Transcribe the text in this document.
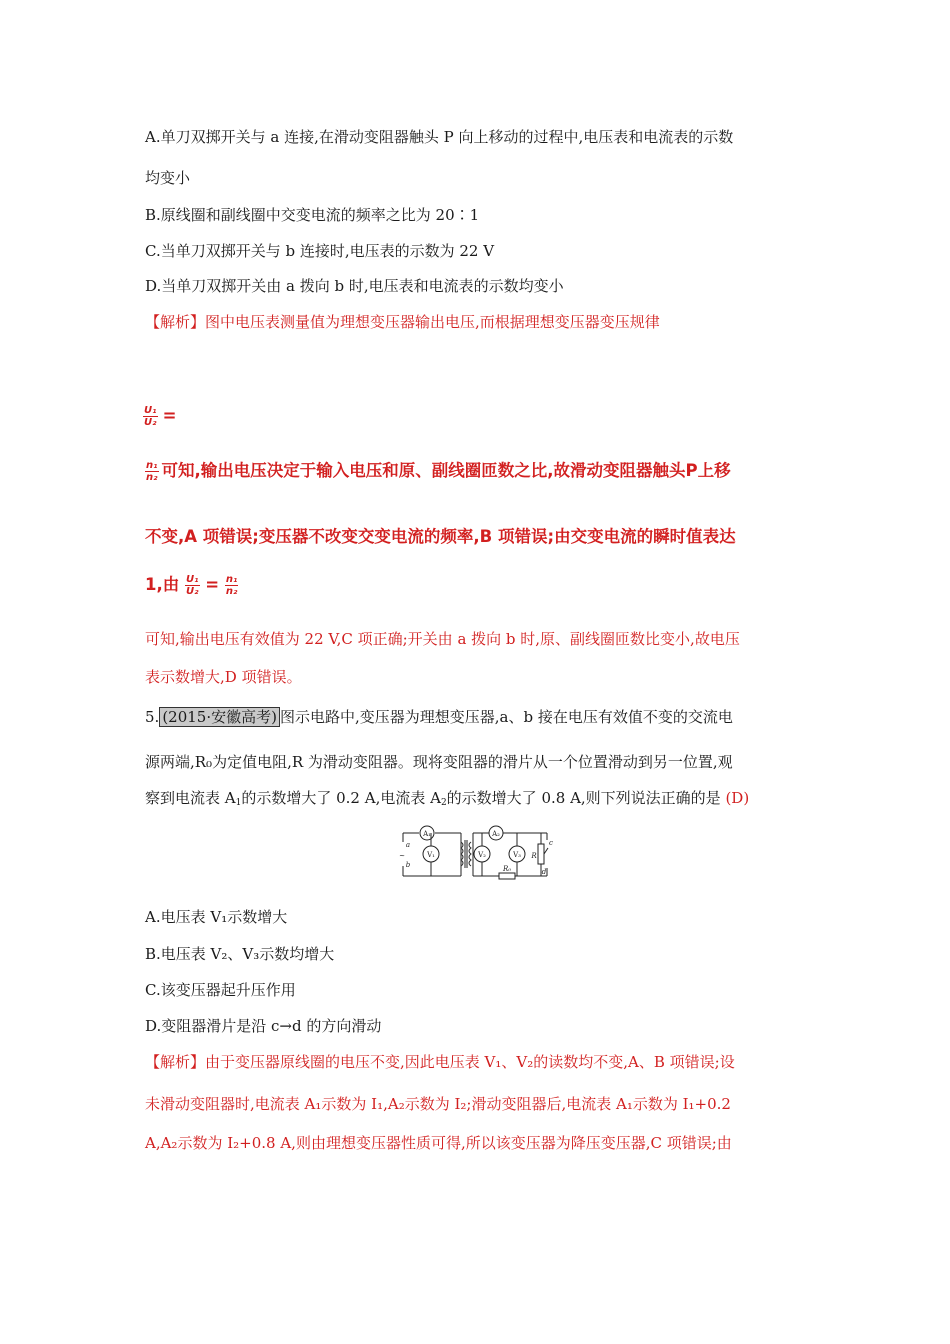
A.单刀双掷开关与 a 连接,在滑动变阻器触头 P 向上移动的过程中,电压表和电流表的示数
均变小
B.原线圈和副线圈中交变电流的频率之比为 20∶1
C.当单刀双掷开关与 b 连接时,电压表的示数为 22 V
D.当单刀双掷开关由 a 拨向 b 时,电压表和电流表的示数均变小
【解析】图中电压表测量值为理想变压器输出电压,而根据理想变压器变压规律
$\frac{\text{U₁}}{\text{U₂}}$ =
$\frac{\text{n₁}}{\text{n₂}}$ 可知,输出电压决定于输入电压和原、副线圈匝数之比,故滑动变阻器触头P上移
不变,A 项错误;变压器不改变交变电流的频率,B 项错误;由交变电流的瞬时值表达
1,由 $\frac{\text{U₁}}{\text{U₂}} = \frac{\text{n₁}}{\text{n₂}}$
可知,输出电压有效值为 22 V,C 项正确;开关由 a 拨向 b 时,原、副线圈匝数比变小,故电压
表示数增大,D 项错误。
5. (2015·安徽高考) 图示电路中,变压器为理想变压器,a、b 接在电压有效值不变的交流电
源两端,R₀为定值电阻,R 为滑动变阻器。现将变阻器的滑片从一个位置滑动到另一位置,观
察到电流表 $A_1$的示数增大了 0.2 A,电流表 $A_2$的示数增大了 0.8 A,则下列说法正确的是 (D)
A₁	A₂
V₁	V₂	V₃
a
~
b	R₀
R
c
d
A.电压表 V₁示数增大
B.电压表 V₂、V₃示数均增大
C.该变压器起升压作用
D.变阻器滑片是沿 c→d 的方向滑动
【解析】由于变压器原线圈的电压不变,因此电压表 V₁、V₂的读数均不变,A、B 项错误;设
未滑动变阻器时,电流表 A₁示数为 I₁,A₂示数为 I₂;滑动变阻器后,电流表 A₁示数为 I₁+0.2
A,A₂示数为 I₂+0.8 A,则由理想变压器性质可得,所以该变压器为降压变压器,C 项错误;由
